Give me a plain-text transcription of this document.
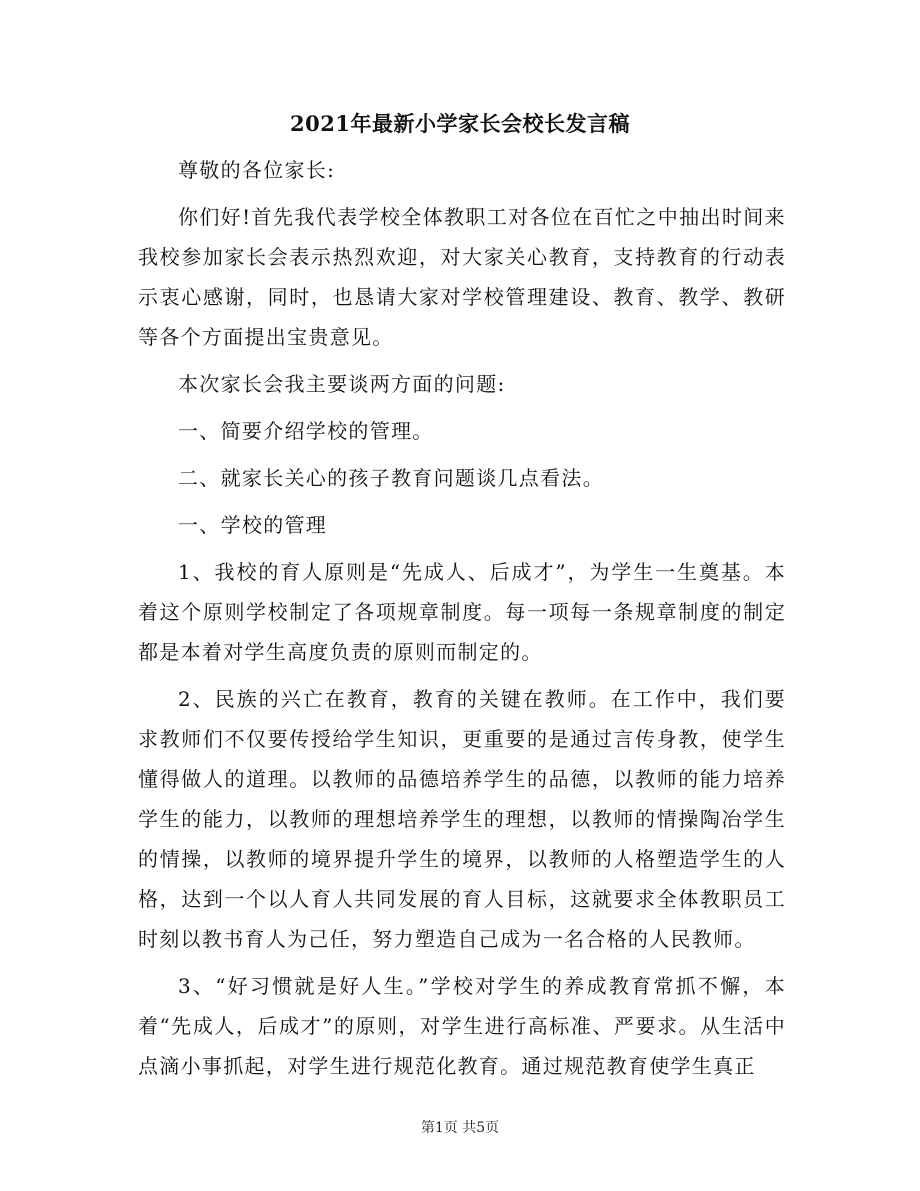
2021年最新小学家长会校长发言稿

尊敬的各位家长:

你们好!首先我代表学校全体教职工对各位在百忙之中抽出时间来我校参加家长会表示热烈欢迎，对大家关心教育，支持教育的行动表示衷心感谢，同时，也恳请大家对学校管理建设、教育、教学、教研等各个方面提出宝贵意见。

本次家长会我主要谈两方面的问题:

一、简要介绍学校的管理。

二、就家长关心的孩子教育问题谈几点看法。

一、学校的管理

1、我校的育人原则是“先成人、后成才”，为学生一生奠基。本着这个原则学校制定了各项规章制度。每一项每一条规章制度的制定都是本着对学生高度负责的原则而制定的。

2、民族的兴亡在教育，教育的关键在教师。在工作中，我们要求教师们不仅要传授给学生知识，更重要的是通过言传身教，使学生懂得做人的道理。以教师的品德培养学生的品德，以教师的能力培养学生的能力，以教师的理想培养学生的理想，以教师的情操陶冶学生的情操，以教师的境界提升学生的境界，以教师的人格塑造学生的人格，达到一个以人育人共同发展的育人目标，这就要求全体教职员工时刻以教书育人为己任，努力塑造自己成为一名合格的人民教师。

3、“好习惯就是好人生。”学校对学生的养成教育常抓不懈，本着“先成人，后成才”的原则，对学生进行高标准、严要求。从生活中点滴小事抓起，对学生进行规范化教育。通过规范教育使学生真正

第1页 共5页
